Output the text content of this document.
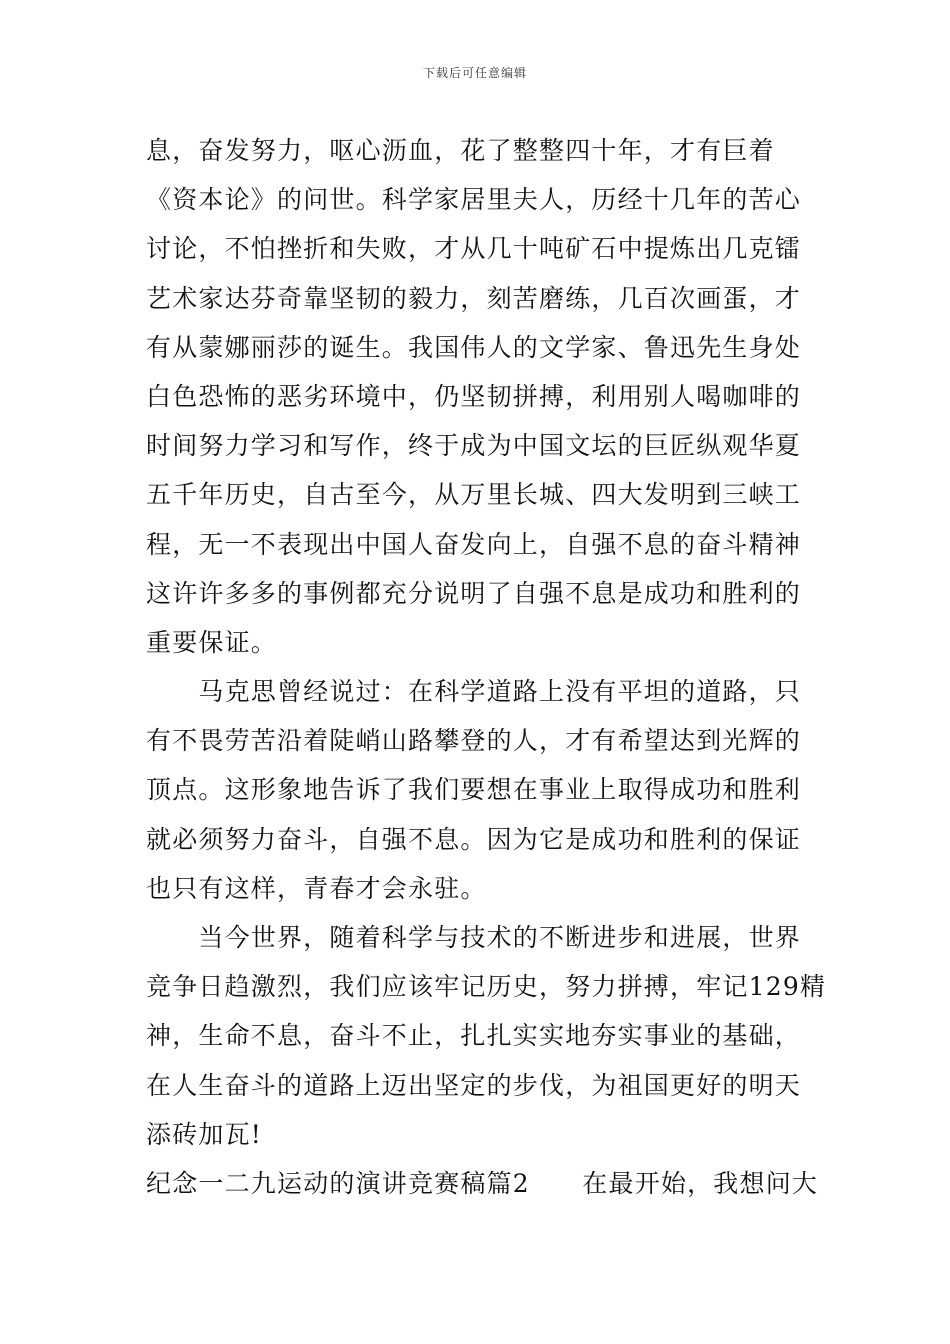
下载后可任意编辑
息，奋发努力，呕心沥血，花了整整四十年，才有巨着
《资本论》的问世。科学家居里夫人，历经十几年的苦心
讨论，不怕挫折和失败，才从几十吨矿石中提炼出几克镭
艺术家达芬奇靠坚韧的毅力，刻苦磨练，几百次画蛋，才
有从蒙娜丽莎的诞生。我国伟人的文学家、鲁迅先生身处
白色恐怖的恶劣环境中，仍坚韧拼搏，利用别人喝咖啡的
时间努力学习和写作，终于成为中国文坛的巨匠纵观华夏
五千年历史，自古至今，从万里长城、四大发明到三峡工
程，无一不表现出中国人奋发向上，自强不息的奋斗精神
这许许多多的事例都充分说明了自强不息是成功和胜利的
重要保证。
　　马克思曾经说过：在科学道路上没有平坦的道路，只
有不畏劳苦沿着陡峭山路攀登的人，才有希望达到光辉的
顶点。这形象地告诉了我们要想在事业上取得成功和胜利
就必须努力奋斗，自强不息。因为它是成功和胜利的保证
也只有这样，青春才会永驻。
　　当今世界，随着科学与技术的不断进步和进展，世界
竞争日趋激烈，我们应该牢记历史，努力拼搏，牢记129精
神，生命不息，奋斗不止，扎扎实实地夯实事业的基础，
在人生奋斗的道路上迈出坚定的步伐，为祖国更好的明天
添砖加瓦!
纪念一二九运动的演讲竞赛稿篇2　　在最开始，我想问大
